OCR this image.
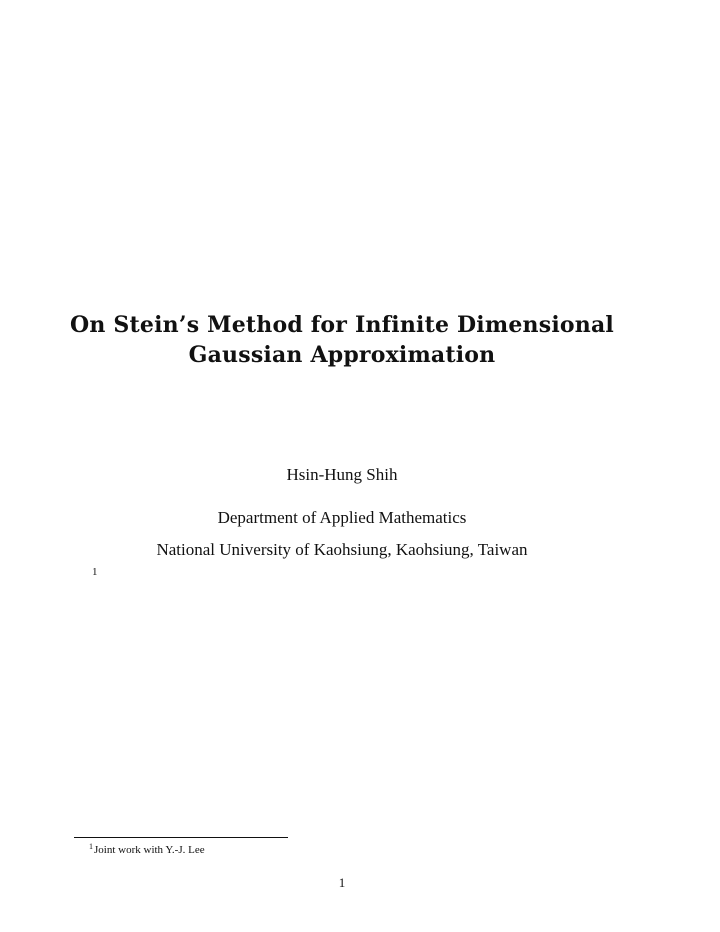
On Stein’s Method for Infinite Dimensional
Gaussian Approximation
Hsin-Hung Shih
Department of Applied Mathematics
National University of Kaohsiung, Kaohsiung, Taiwan
1
$^1$Joint work with Y.-J. Lee
1
